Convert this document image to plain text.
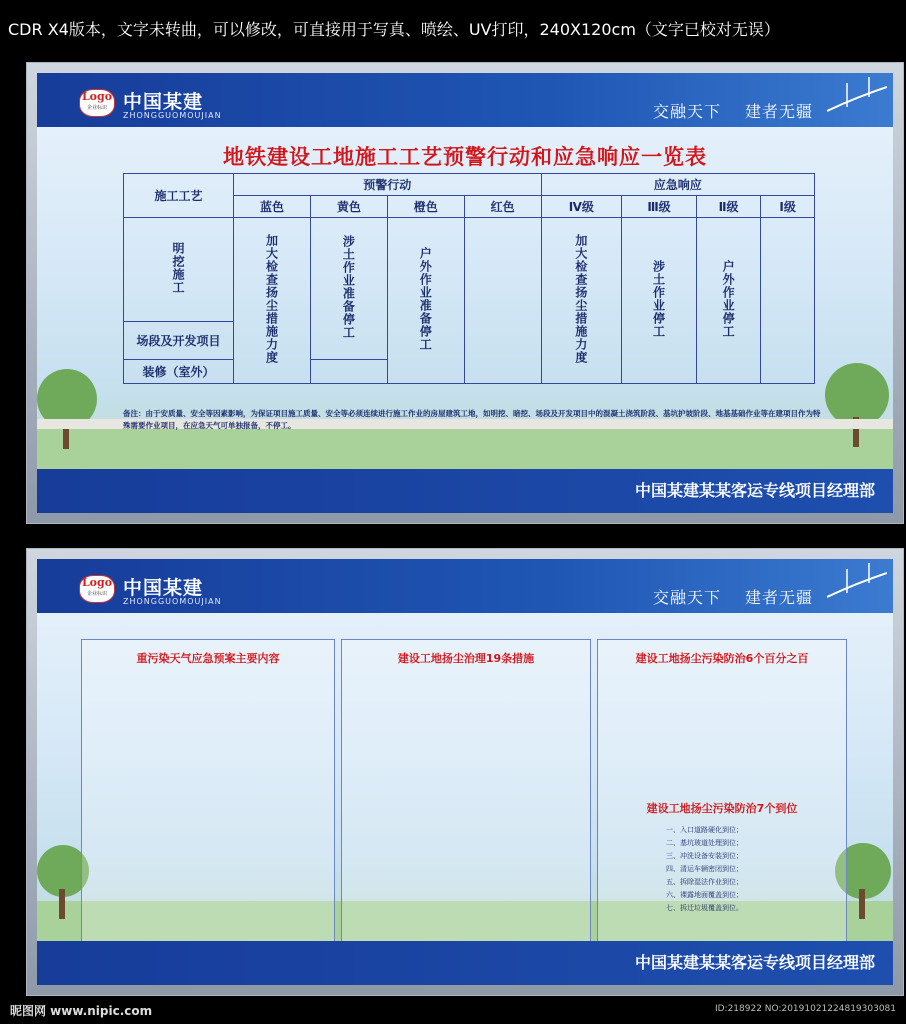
CDR X4版本，文字未转曲，可以修改，可直接用于写真、喷绘、UV打印，240X120cm（文字已校对无误）
Logo
企业标识 中国某建
ZHONGGUOMOUJIAN	交融天下 建者无疆
地铁建设工地施工工艺预警行动和应急响应一览表
施工工艺	预警行动				应急响应			
	蓝色	黄色	橙色	红色	Ⅳ级	Ⅲ级	Ⅱ级	Ⅰ级
明挖施工	加大检查扬尘措施力度	涉土作业准备停工	户外作业准备停工		加大检查扬尘措施力度	涉土作业停工	户外作业停工	
场段及开发项目								
装修（室外）								
备注：由于安质量、安全等因素影响，为保证项目施工质量、安全等必须连续进行施工作业的房屋建筑工地，如明挖、暗挖、场段及开发项目中的混凝土浇筑阶段、基坑护坡阶段、地基基础作业等在建项目作为特殊需要作业项目，在应急天气可单独报备，不停工。
中国某建某某客运专线项目经理部
Logo
企业标识 中国某建
ZHONGGUOMOUJIAN	交融天下 建者无疆
重污染天气应急预案主要内容	建设工地扬尘治理19条措施	建设工地扬尘污染防治6个百分之百
建设工地扬尘污染防治7个到位

一、入口道路硬化到位；

二、基坑玻道处理到位；

三、冲洗设备安装到位；

四、清运车辆密闭到位；

五、拆除湿法作业到位；

六、裸露地面覆盖到位；

七、拆迁垃圾覆盖到位。

中国某建某某客运专线项目经理部
昵图网 www.nipic.com	ID:218922 NO:20191021224819303081
